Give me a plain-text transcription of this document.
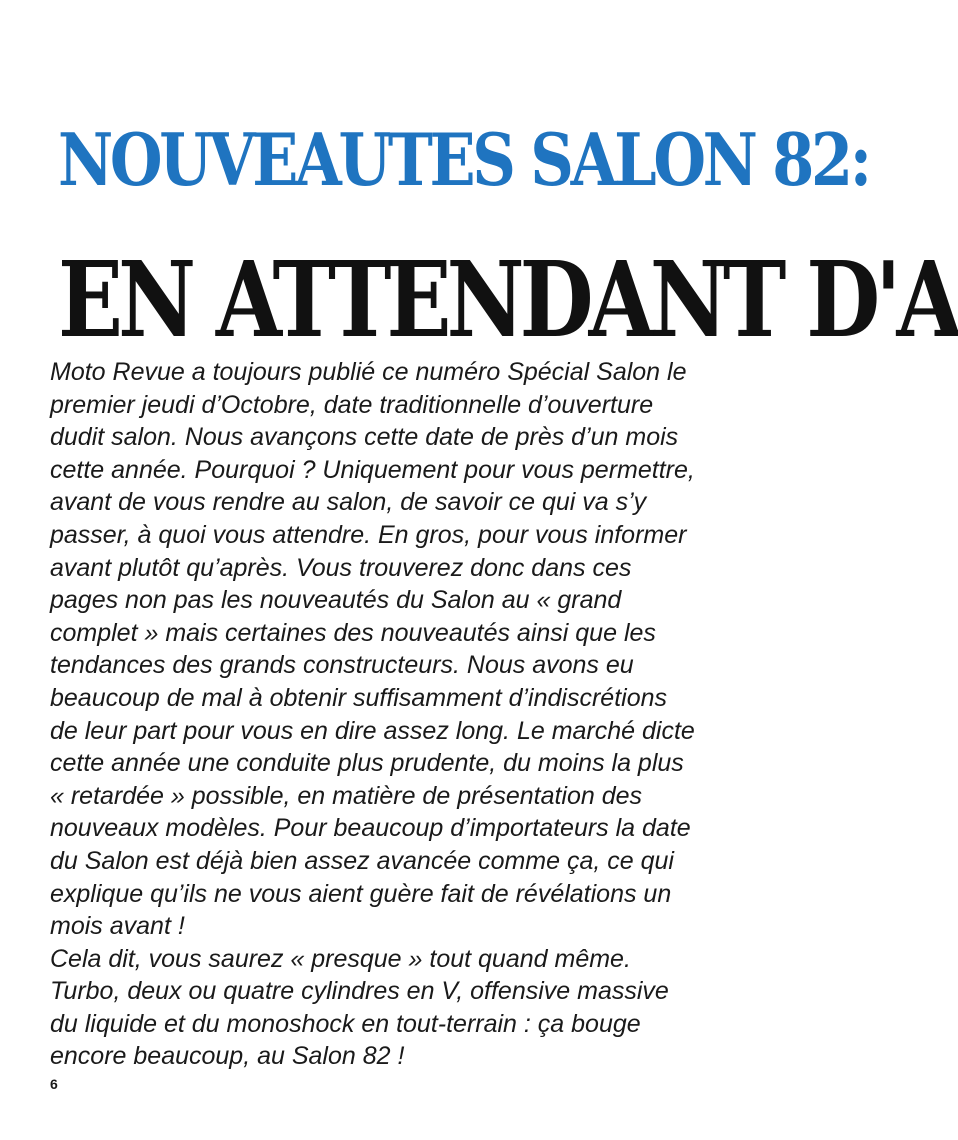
NOUVEAUTES SALON 82:
EN ATTENDANT D'A
Moto Revue a toujours publié ce numéro Spécial Salon le
premier jeudi d’Octobre, date traditionnelle d’ouverture
dudit salon. Nous avançons cette date de près d’un mois
cette année. Pourquoi ? Uniquement pour vous permettre,
avant de vous rendre au salon, de savoir ce qui va s’y
passer, à quoi vous attendre. En gros, pour vous informer
avant plutôt qu’après. Vous trouverez donc dans ces
pages non pas les nouveautés du Salon au « grand
complet » mais certaines des nouveautés ainsi que les
tendances des grands constructeurs. Nous avons eu
beaucoup de mal à obtenir suffisamment d’indiscrétions
de leur part pour vous en dire assez long. Le marché dicte
cette année une conduite plus prudente, du moins la plus
« retardée » possible, en matière de présentation des
nouveaux modèles. Pour beaucoup d’importateurs la date
du Salon est déjà bien assez avancée comme ça, ce qui
explique qu’ils ne vous aient guère fait de révélations un
mois avant !
Cela dit, vous saurez « presque » tout quand même.
Turbo, deux ou quatre cylindres en V, offensive massive
du liquide et du monoshock en tout-terrain : ça bouge
encore beaucoup, au Salon 82 !
6
